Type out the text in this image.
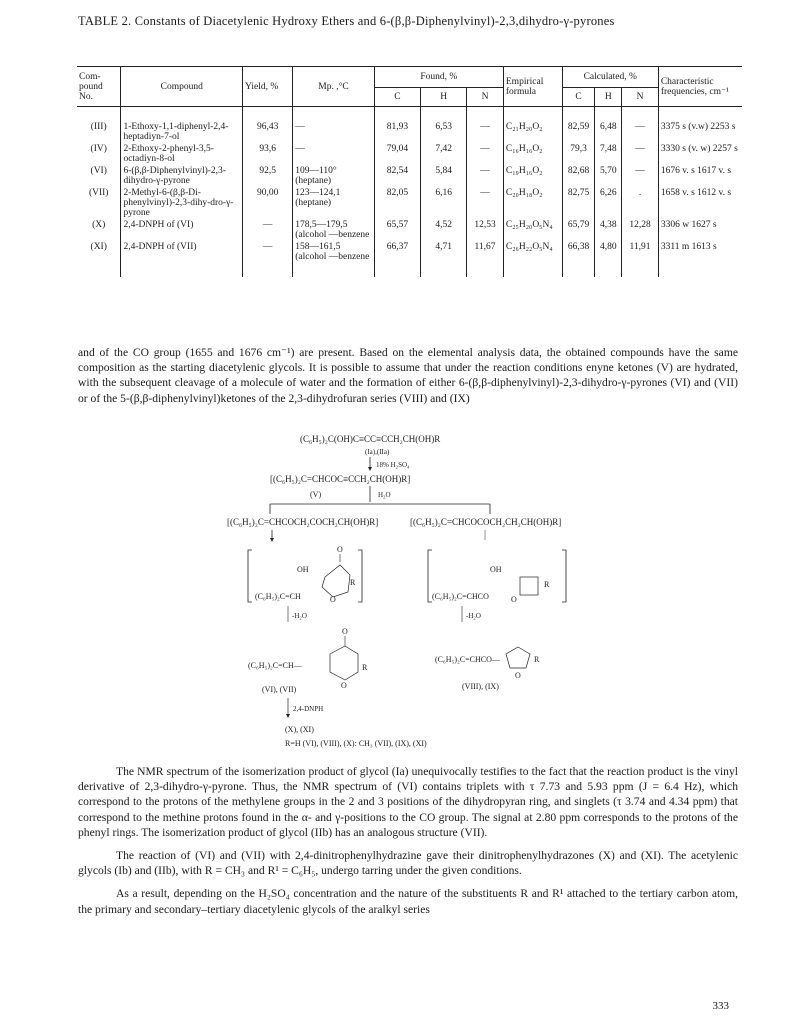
TABLE 2. Constants of Diacetylenic Hydroxy Ethers and 6-(β,β-Diphenylvinyl)-2,3,dihydro-γ-pyrones
Com- pound No.	Compound	Yield, %	Mp. ,°C	Found, %			Empirical formula	Calculated, %			Characteristic frequencies, cm⁻¹
				C	H	N		C	H	N	

(III)	1-Ethoxy-1,1-diphenyl-2,4-heptadiyn-7-ol	96,43	—	81,93	6,53	—	C₂₁H₂₀O₂	82,59	6,48	—	3375 s (v.w) 2253 s
(IV)	2-Ethoxy-2-phenyl-3,5-octadiyn-8-ol	93,6	—	79,04	7,42	—	C₁₆H₁₆O₂	79,3	7,48	—	3330 s (v. w) 2257 s
(VI)	6-(β,β-Diphenylvinyl)-2,3-dihydro-γ-pyrone	92,5	109—110° (heptane)	82,54	5,84	—	C₁₉H₁₆O₂	82,68	5,70	—	1676 v. s 1617 v. s
(VII)	2-Methyl-6-(β,β-Di-phenylvinyl)-2,3-dihy-dro-γ-pyrone	90,00	123—124,1 (heptane)	82,05	6,16	—	C₂₀H₁₈O₂	82,75	6,26	.	1658 v. s 1612 v. s
(X)	2,4-DNPH of (VI)	—	178,5—179,5 (alcohol —benzene	65,57	4,52	12,53	C₂₅H₂₀O₅N₄	65,79	4,38	12,28	3306 w 1627 s
(XI)	2,4-DNPH of (VII)	—	158—161,5 (alcohol —benzene	66,37	4,71	11,67	C₂₆H₂₂O₅N₄	66,38	4,80	11,91	3311 m 1613 s

and of the CO group (1655 and 1676 cm⁻¹) are present. Based on the elemental analysis data, the obtained compounds have the same composition as the starting diacetylenic glycols. It is possible to assume that under the reaction conditions enyne ketones (V) are hydrated, with the subsequent cleavage of a molecule of water and the formation of either 6-(β,β-diphenylvinyl)-2,3-dihydro-γ-pyrones (VI) and (VII) or of the 5-(β,β-diphenylvinyl)ketones of the 2,3-dihydrofuran series (VIII) and (IX)

(C₆H₅)₂C(OH)C≡CC≡CCH₂CH(OH)R
(Ia),(IIa)
18% H₂SO₄
[(C₆H₅)₂C=CHCOC≡CCH₂CH(OH)R]
(V)	H₂O
[(C₆H₅)₂C=CHCOCH₂COCH₂CH(OH)R]	[(C₆H₅)₂C=CHCOCOCH₂CH₂CH(OH)R]
O
OH
R
(C₆H₅)₂C=CH	O
-H₂O
OH
R
(C₆H₅)₂C=CHCO	O
-H₂O
O
(C₆H₅)₂C=CH—	R
O
(VI), (VII)
(C₆H₅)₂C=CHCO—	R
O
(VIII), (IX)
2,4-DNPH
(X), (XI)
R=H (VI), (VIII), (X): CH₃ (VII), (IX), (XI)

The NMR spectrum of the isomerization product of glycol (Ia) unequivocally testifies to the fact that the reaction product is the vinyl derivative of 2,3-dihydro-γ-pyrone. Thus, the NMR spectrum of (VI) contains triplets with τ 7.73 and 5.93 ppm (J = 6.4 Hz), which correspond to the protons of the methylene groups in the 2 and 3 positions of the dihydropyran ring, and singlets (τ 3.74 and 4.34 ppm) that correspond to the methine protons found in the α- and γ-positions to the CO group. The signal at 2.80 ppm corresponds to the protons of the phenyl rings. The isomerization product of glycol (IIb) has an analogous structure (VII).

The reaction of (VI) and (VII) with 2,4-dinitrophenylhydrazine gave their dinitrophenylhydrazones (X) and (XI). The acetylenic glycols (Ib) and (IIb), with R = CH₃ and R¹ = C₆H₅, undergo tarring under the given conditions.

As a result, depending on the H₂SO₄ concentration and the nature of the substituents R and R¹ attached to the tertiary carbon atom, the primary and secondary–tertiary diacetylenic glycols of the aralkyl series

333
